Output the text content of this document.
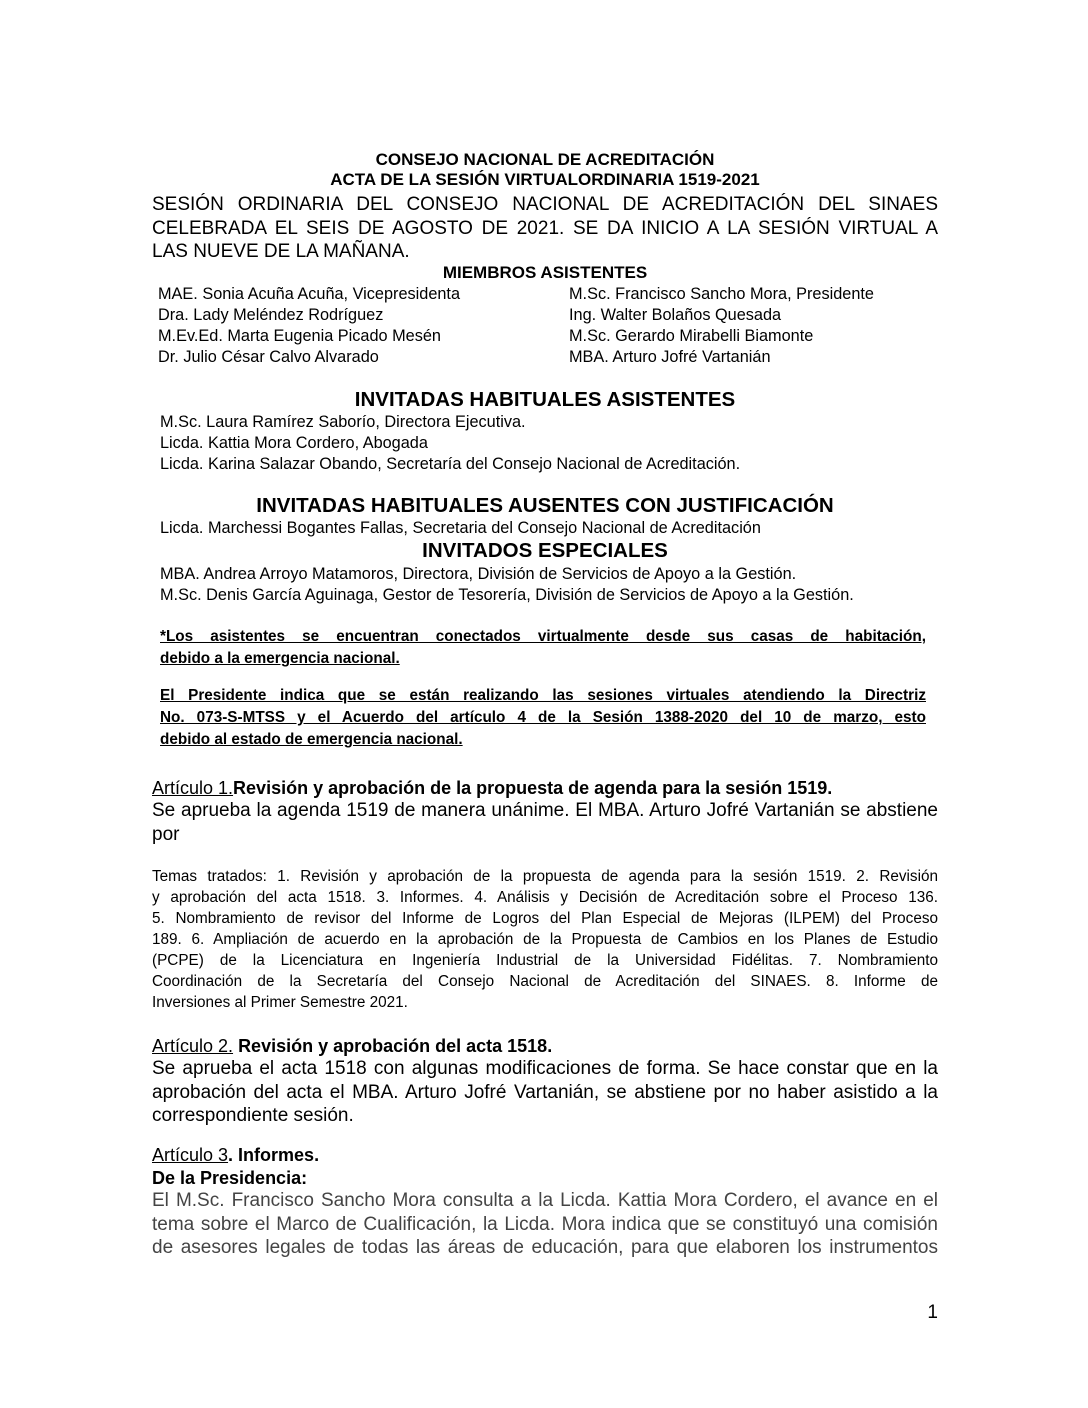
CONSEJO NACIONAL DE ACREDITACIÓN
ACTA DE LA SESIÓN VIRTUALORDINARIA 1519-2021
SESIÓN ORDINARIA DEL CONSEJO NACIONAL DE ACREDITACIÓN DEL SINAES
CELEBRADA EL SEIS DE AGOSTO DE 2021. SE DA INICIO A LA SESIÓN VIRTUAL A
LAS NUEVE DE LA MAÑANA.
MIEMBROS ASISTENTES
MAE. Sonia Acuña Acuña, Vicepresidenta
Dra. Lady Meléndez Rodríguez
M.Ev.Ed. Marta Eugenia Picado Mesén
Dr. Julio César Calvo Alvarado
M.Sc. Francisco Sancho Mora, Presidente
Ing. Walter Bolaños Quesada
M.Sc. Gerardo Mirabelli Biamonte
MBA. Arturo Jofré Vartanián
INVITADAS HABITUALES ASISTENTES
M.Sc. Laura Ramírez Saborío, Directora Ejecutiva.
Licda. Kattia Mora Cordero, Abogada
Licda. Karina Salazar Obando, Secretaría del Consejo Nacional de Acreditación.
INVITADAS HABITUALES AUSENTES CON JUSTIFICACIÓN
Licda. Marchessi Bogantes Fallas, Secretaria del Consejo Nacional de Acreditación
INVITADOS ESPECIALES
MBA. Andrea Arroyo Matamoros, Directora, División de Servicios de Apoyo a la Gestión.
M.Sc. Denis García Aguinaga, Gestor de Tesorería, División de Servicios de Apoyo a la Gestión.
*Los asistentes se encuentran conectados virtualmente desde sus casas de habitación,
debido a la emergencia nacional.
El Presidente indica que se están realizando las sesiones virtuales atendiendo la Directriz
No. 073-S-MTSS y el Acuerdo del artículo 4 de la Sesión 1388-2020 del 10 de marzo, esto
debido al estado de emergencia nacional.
Artículo 1.Revisión y aprobación de la propuesta de agenda para la sesión 1519.
Se aprueba la agenda 1519 de manera unánime. El MBA. Arturo Jofré Vartanián se abstiene
por
Temas tratados: 1. Revisión y aprobación de la propuesta de agenda para la sesión 1519. 2. Revisión
y aprobación del acta 1518. 3. Informes. 4. Análisis y Decisión de Acreditación sobre el Proceso 136.
5. Nombramiento de revisor del Informe de Logros del Plan Especial de Mejoras (ILPEM) del Proceso
189. 6. Ampliación de acuerdo en la aprobación de la Propuesta de Cambios en los Planes de Estudio
(PCPE) de la Licenciatura en Ingeniería Industrial de la Universidad Fidélitas. 7. Nombramiento
Coordinación de la Secretaría del Consejo Nacional de Acreditación del SINAES. 8. Informe de
Inversiones al Primer Semestre 2021.
Artículo 2. Revisión y aprobación del acta 1518.
Se aprueba el acta 1518 con algunas modificaciones de forma. Se hace constar que en la
aprobación del acta el MBA. Arturo Jofré Vartanián, se abstiene por no haber asistido a la
correspondiente sesión.
Artículo 3. Informes.
De la Presidencia:
El M.Sc. Francisco Sancho Mora consulta a la Licda. Kattia Mora Cordero, el avance en el
tema sobre el Marco de Cualificación, la Licda. Mora indica que se constituyó una comisión
de asesores legales de todas las áreas de educación, para que elaboren los instrumentos
1
